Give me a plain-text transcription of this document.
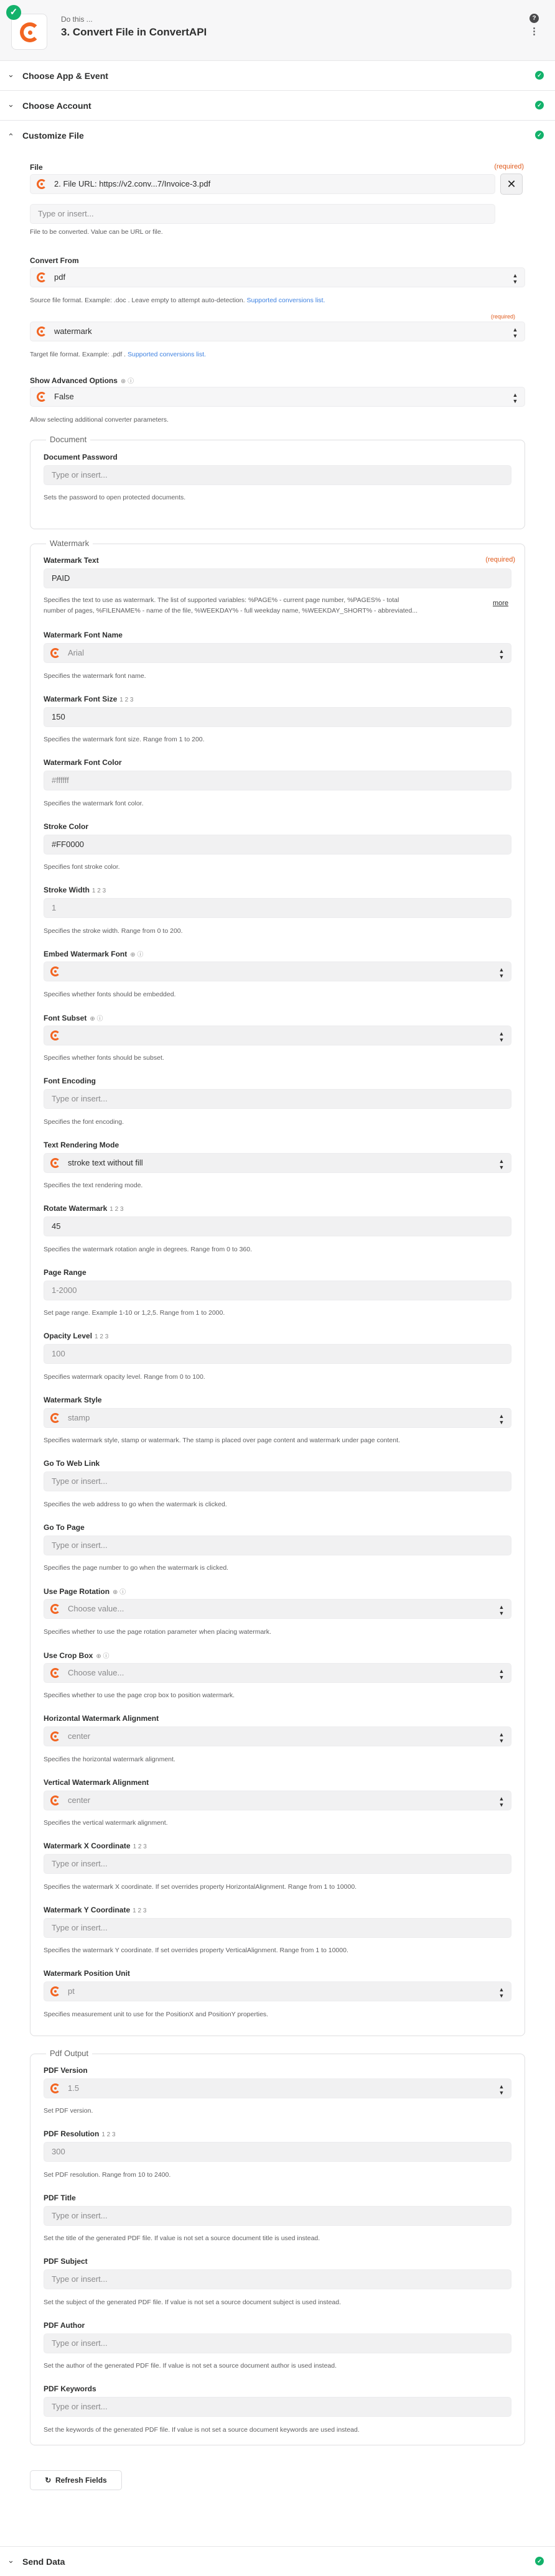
✓
Do this ...
3. Convert File in ConvertAPI
?
⋮
⌄ Choose App & Event	✓
⌄ Choose Account	✓
⌃ Customize File	✓
File	(required)
2. File URL: https://v2.conv...7/Invoice-3.pdf	✕
Type or insert...
File to be converted. Value can be URL or file.
Convert From
pdf	▲
▼
Source file format. Example: .doc . Leave empty to attempt auto-detection. Supported conversions list.
(required)
watermark	▲
▼
Target file format. Example: .pdf . Supported conversions list.
Show Advanced Options ⊕ ⓘ
False	▲
▼
Allow selecting additional converter parameters.
Document
Document Password
Type or insert...
Sets the password to open protected documents.
Watermark
Watermark Text	(required)
PAID
Specifies the text to use as watermark. The list of supported variables: %PAGE% - current page number, %PAGES% - total
number of pages, %FILENAME% - name of the file, %WEEKDAY% - full weekday name, %WEEKDAY_SHORT% - abbreviated...
more
Watermark Font Name
Arial	▲
▼
Specifies the watermark font name.
Watermark Font Size 1 2 3
150
Specifies the watermark font size. Range from 1 to 200.
Watermark Font Color
#ffffff
Specifies the watermark font color.
Stroke Color
#FF0000
Specifies font stroke color.
Stroke Width 1 2 3
1
Specifies the stroke width. Range from 0 to 200.
Embed Watermark Font ⊕ ⓘ
▲
▼
Specifies whether fonts should be embedded.
Font Subset ⊕ ⓘ
▲
▼
Specifies whether fonts should be subset.
Font Encoding
Type or insert...
Specifies the font encoding.
Text Rendering Mode
stroke text without fill	▲
▼
Specifies the text rendering mode.
Rotate Watermark 1 2 3
45
Specifies the watermark rotation angle in degrees. Range from 0 to 360.
Page Range
1-2000
Set page range. Example 1-10 or 1,2,5. Range from 1 to 2000.
Opacity Level 1 2 3
100
Specifies watermark opacity level. Range from 0 to 100.
Watermark Style
stamp	▲
▼
Specifies watermark style, stamp or watermark. The stamp is placed over page content and watermark under page content.
Go To Web Link
Type or insert...
Specifies the web address to go when the watermark is clicked.
Go To Page
Type or insert...
Specifies the page number to go when the watermark is clicked.
Use Page Rotation ⊕ ⓘ
Choose value...	▲
▼
Specifies whether to use the page rotation parameter when placing watermark.
Use Crop Box ⊕ ⓘ
Choose value...	▲
▼
Specifies whether to use the page crop box to position watermark.
Horizontal Watermark Alignment
center	▲
▼
Specifies the horizontal watermark alignment.
Vertical Watermark Alignment
center	▲
▼
Specifies the vertical watermark alignment.
Watermark X Coordinate 1 2 3
Type or insert...
Specifies the watermark X coordinate. If set overrides property HorizontalAlignment. Range from 1 to 10000.
Watermark Y Coordinate 1 2 3
Type or insert...
Specifies the watermark Y coordinate. If set overrides property VerticalAlignment. Range from 1 to 10000.
Watermark Position Unit
pt	▲
▼
Specifies measurement unit to use for the PositionX and PositionY properties.
Pdf Output
PDF Version
1.5	▲
▼
Set PDF version.
PDF Resolution 1 2 3
300
Set PDF resolution. Range from 10 to 2400.
PDF Title
Type or insert...
Set the title of the generated PDF file. If value is not set a source document title is used instead.
PDF Subject
Type or insert...
Set the subject of the generated PDF file. If value is not set a source document subject is used instead.
PDF Author
Type or insert...
Set the author of the generated PDF file. If value is not set a source document author is used instead.
PDF Keywords
Type or insert...
Set the keywords of the generated PDF file. If value is not set a source document keywords are used instead.
↻ Refresh Fields
⌄ Send Data	✓
